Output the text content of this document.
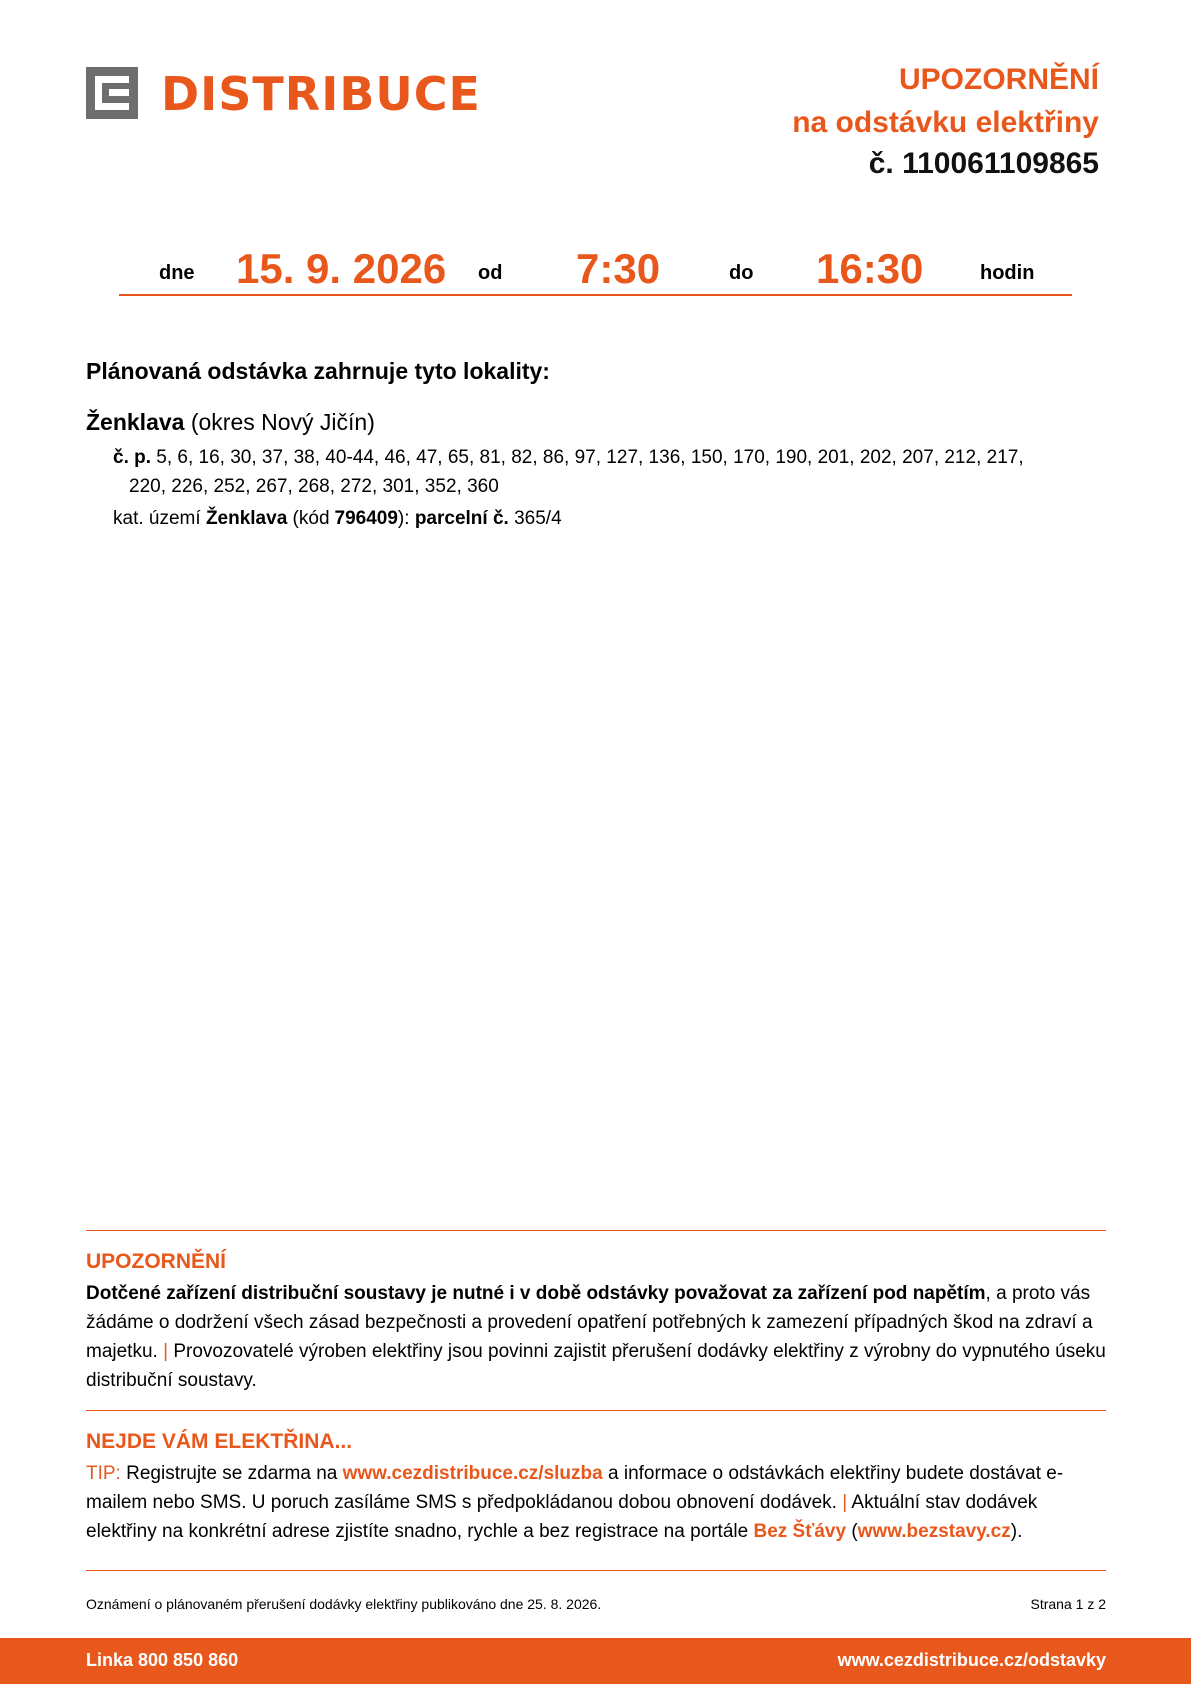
DISTRIBUCE	UPOZORNĚNÍ
na odstávku elektřiny
č. 110061109865
dne 15. 9. 2026 od 7:30	do 16:30	hodin
Plánovaná odstávka zahrnuje tyto lokality:
Ženklava (okres Nový Jičín)
č. p. 5, 6, 16, 30, 37, 38, 40-44, 46, 47, 65, 81, 82, 86, 97, 127, 136, 150, 170, 190, 201, 202, 207, 212, 217,
220, 226, 252, 267, 268, 272, 301, 352, 360
kat. území Ženklava (kód 796409): parcelní č. 365/4
UPOZORNĚNÍ
Dotčené zařízení distribuční soustavy je nutné i v době odstávky považovat za zařízení pod napětím, a proto vás žádáme o dodržení všech zásad bezpečnosti a provedení opatření potřebných k zamezení případných škod na zdraví a majetku. | Provozovatelé výroben elektřiny jsou povinni zajistit přerušení dodávky elektřiny z výrobny do vypnutého úseku distribuční soustavy.
NEJDE VÁM ELEKTŘINA...
TIP: Registrujte se zdarma na www.cezdistribuce.cz/sluzba a informace o odstávkách elektřiny budete dostávat e-mailem nebo SMS. U poruch zasíláme SMS s předpokládanou dobou obnovení dodávek. | Aktuální stav dodávek elektřiny na konkrétní adrese zjistíte snadno, rychle a bez registrace na portále Bez Šťávy (www.bezstavy.cz).
Oznámení o plánovaném přerušení dodávky elektřiny publikováno dne 25. 8. 2026.	Strana 1 z 2
Linka 800 850 860	www.cezdistribuce.cz/odstavky
